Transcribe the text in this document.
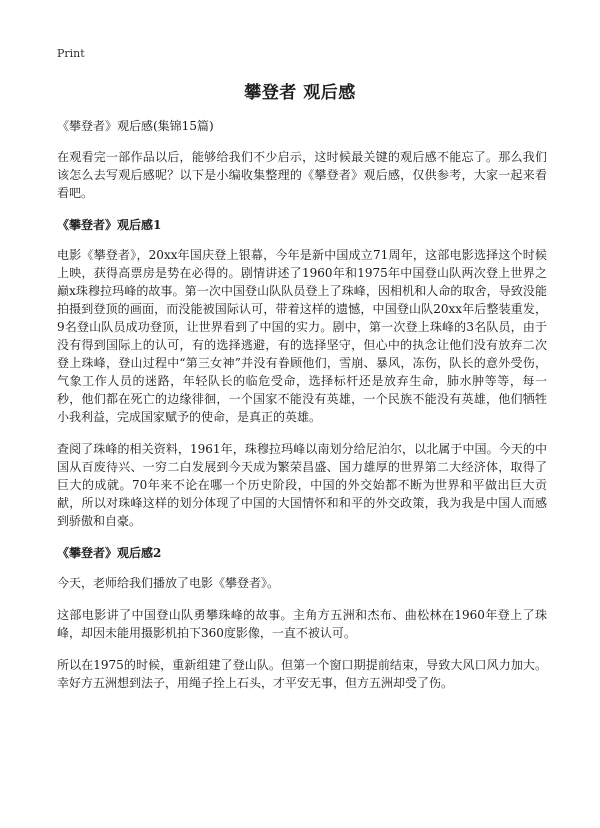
Print
攀登者 观后感
《攀登者》观后感(集锦15篇)

在观看完一部作品以后，能够给我们不少启示，这时候最关键的观后感不能忘了。那么我们该怎么去写观后感呢？以下是小编收集整理的《攀登者》观后感，仅供参考，大家一起来看看吧。

《攀登者》观后感1

电影《攀登者》，20xx年国庆登上银幕，今年是新中国成立71周年，这部电影选择这个时候上映，获得高票房是势在必得的。剧情讲述了1960年和1975年中国登山队两次登上世界之巅x珠穆拉玛峰的故事。第一次中国登山队队员登上了珠峰，因相机和人命的取舍，导致没能拍摄到登顶的画面，而没能被国际认可，带着这样的遗憾，中国登山队20xx年后整装重发，9名登山队员成功登顶，让世界看到了中国的实力。剧中，第一次登上珠峰的3名队员，由于没有得到国际上的认可，有的选择逃避，有的选择坚守，但心中的执念让他们没有放弃二次登上珠峰，登山过程中“第三女神”并没有眷顾他们，雪崩、暴风，冻伤，队长的意外受伤，气象工作人员的迷路，年轻队长的临危受命，选择标杆还是放弃生命，肺水肿等等，每一秒，他们都在死亡的边缘徘徊，一个国家不能没有英雄，一个民族不能没有英雄，他们牺牲小我利益，完成国家赋予的使命，是真正的英雄。

查阅了珠峰的相关资料，1961年，珠穆拉玛峰以南划分给尼泊尔，以北属于中国。今天的中国从百废待兴、一穷二白发展到今天成为繁荣昌盛、国力雄厚的世界第二大经济体，取得了巨大的成就。70年来不论在哪一个历史阶段，中国的外交始都不断为世界和平做出巨大贡献，所以对珠峰这样的划分体现了中国的大国情怀和和平的外交政策，我为我是中国人而感到骄傲和自豪。

《攀登者》观后感2

今天，老师给我们播放了电影《攀登者》。

这部电影讲了中国登山队勇攀珠峰的故事。主角方五洲和杰布、曲松林在1960年登上了珠峰，却因未能用摄影机拍下360度影像，一直不被认可。

所以在1975的时候，重新组建了登山队。但第一个窗口期提前结束，导致大风口风力加大。幸好方五洲想到法子，用绳子拴上石头，才平安无事，但方五洲却受了伤。
